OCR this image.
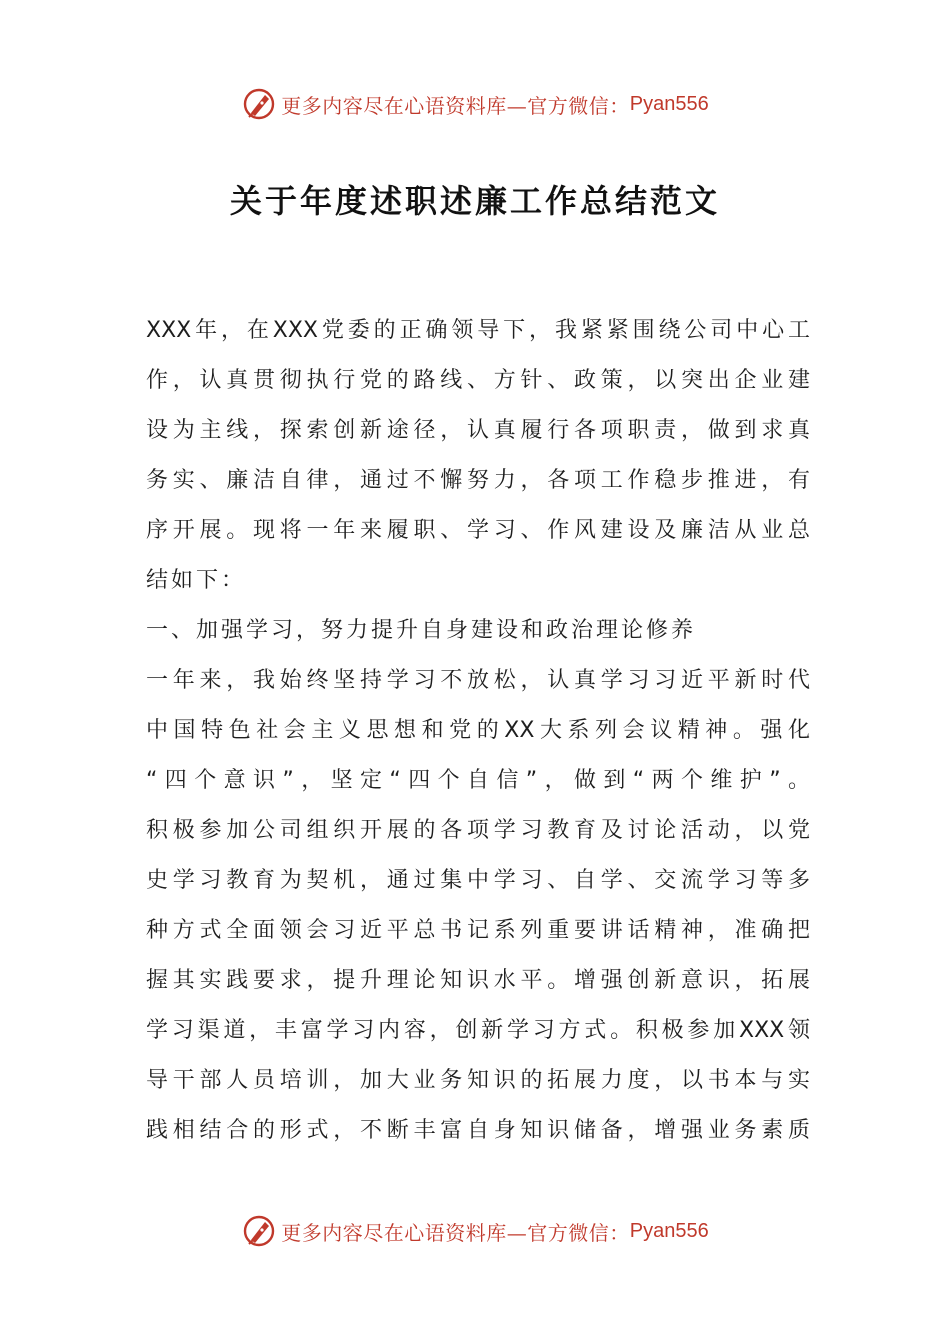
更多内容尽在心语资料库—官方微信： Pyan556
关于年度述职述廉工作总结范文
XXX年，在XXX党委的正确领导下，我紧紧围绕公司中心工
作，认真贯彻执行党的路线、方针、政策，以突出企业建
设为主线，探索创新途径，认真履行各项职责，做到求真
务实、廉洁自律，通过不懈努力，各项工作稳步推进，有
序开展。现将一年来履职、学习、作风建设及廉洁从业总
结如下：
一、加强学习，努力提升自身建设和政治理论修养
一年来，我始终坚持学习不放松，认真学习习近平新时代
中国特色社会主义思想和党的XX大系列会议精神。强化
“四个意识”，坚定“四个自信”，做到“两个维护”。
积极参加公司组织开展的各项学习教育及讨论活动，以党
史学习教育为契机，通过集中学习、自学、交流学习等多
种方式全面领会习近平总书记系列重要讲话精神，准确把
握其实践要求，提升理论知识水平。增强创新意识，拓展
学习渠道，丰富学习内容，创新学习方式。积极参加XXX领
导干部人员培训，加大业务知识的拓展力度，以书本与实
践相结合的形式，不断丰富自身知识储备，增强业务素质
更多内容尽在心语资料库—官方微信： Pyan556
